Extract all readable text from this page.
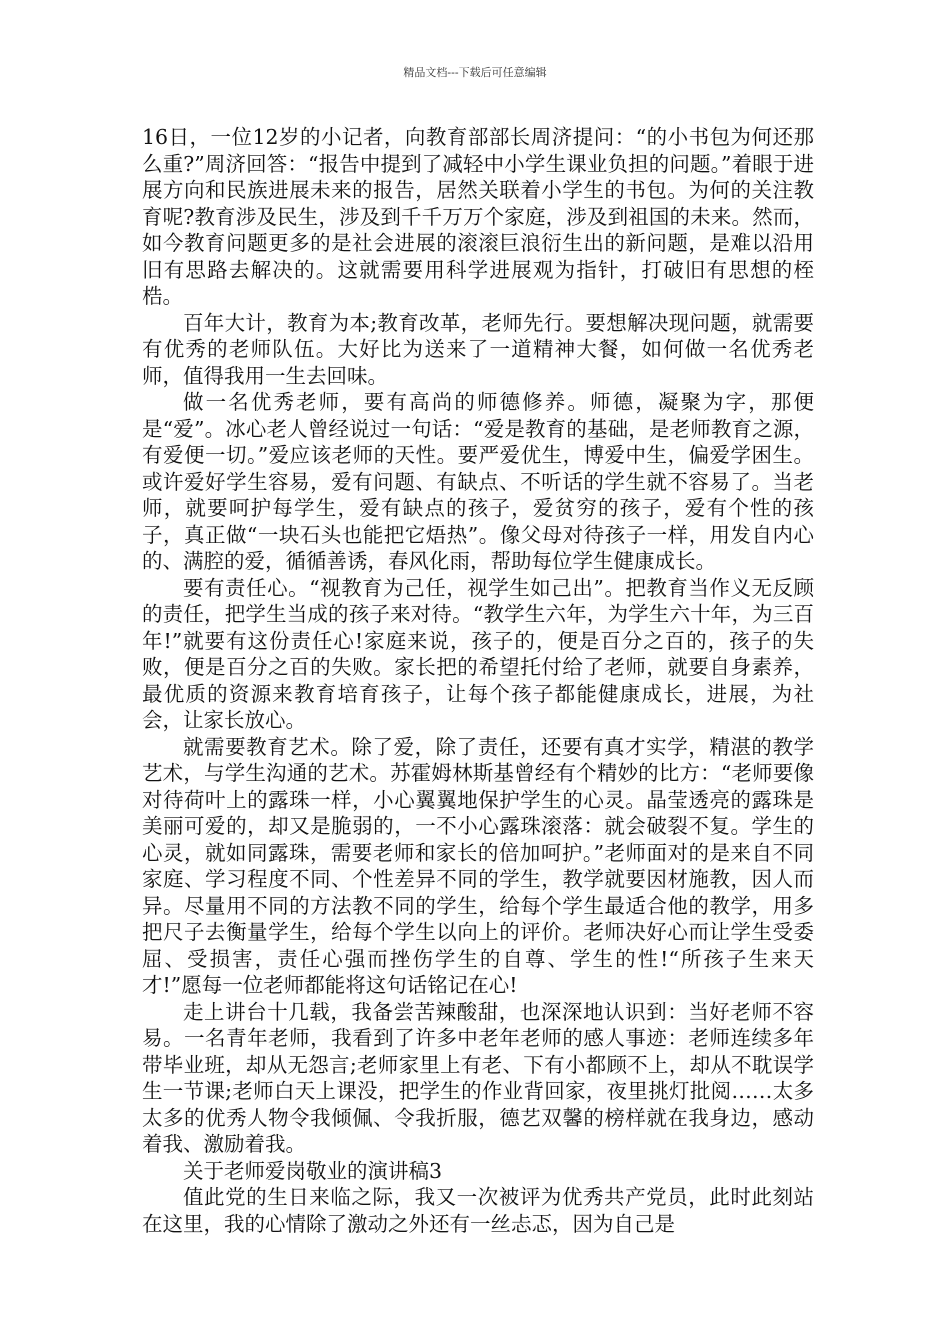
精品文档---下载后可任意编辑

16日，一位12岁的小记者，向教育部部长周济提问：“的小书包为何还那么重?”周济回答：“报告中提到了减轻中小学生课业负担的问题。”着眼于进展方向和民族进展未来的报告，居然关联着小学生的书包。为何的关注教育呢?教育涉及民生，涉及到千千万万个家庭，涉及到祖国的未来。然而，如今教育问题更多的是社会进展的滚滚巨浪衍生出的新问题，是难以沿用旧有思路去解决的。这就需要用科学进展观为指针，打破旧有思想的桎梏。

百年大计，教育为本;教育改革，老师先行。要想解决现问题，就需要有优秀的老师队伍。大好比为送来了一道精神大餐，如何做一名优秀老师，值得我用一生去回味。

做一名优秀老师，要有高尚的师德修养。师德，凝聚为字，那便是“爱”。冰心老人曾经说过一句话：“爱是教育的基础，是老师教育之源，有爱便一切。”爱应该老师的天性。要严爱优生，博爱中生，偏爱学困生。或许爱好学生容易，爱有问题、有缺点、不听话的学生就不容易了。当老师，就要呵护每学生，爱有缺点的孩子，爱贫穷的孩子，爱有个性的孩子，真正做“一块石头也能把它焐热”。像父母对待孩子一样，用发自内心的、满腔的爱，循循善诱，春风化雨，帮助每位学生健康成长。

要有责任心。“视教育为己任，视学生如己出”。把教育当作义无反顾的责任，把学生当成的孩子来对待。“教学生六年，为学生六十年，为三百年!”就要有这份责任心!家庭来说，孩子的，便是百分之百的，孩子的失败，便是百分之百的失败。家长把的希望托付给了老师，就要自身素养，最优质的资源来教育培育孩子，让每个孩子都能健康成长，进展，为社会，让家长放心。

就需要教育艺术。除了爱，除了责任，还要有真才实学，精湛的教学艺术，与学生沟通的艺术。苏霍姆林斯基曾经有个精妙的比方：“老师要像对待荷叶上的露珠一样，小心翼翼地保护学生的心灵。晶莹透亮的露珠是美丽可爱的，却又是脆弱的，一不小心露珠滚落：就会破裂不复。学生的心灵，就如同露珠，需要老师和家长的倍加呵护。”老师面对的是来自不同家庭、学习程度不同、个性差异不同的学生，教学就要因材施教，因人而异。尽量用不同的方法教不同的学生，给每个学生最适合他的教学，用多把尺子去衡量学生，给每个学生以向上的评价。老师决好心而让学生受委屈、受损害，责任心强而挫伤学生的自尊、学生的性!“所孩子生来天才!”愿每一位老师都能将这句话铭记在心!

走上讲台十几载，我备尝苦辣酸甜，也深深地认识到：当好老师不容易。一名青年老师，我看到了许多中老年老师的感人事迹：老师连续多年带毕业班，却从无怨言;老师家里上有老、下有小都顾不上，却从不耽误学生一节课;老师白天上课没，把学生的作业背回家，夜里挑灯批阅……太多太多的优秀人物令我倾佩、令我折服，德艺双馨的榜样就在我身边，感动着我、激励着我。

关于老师爱岗敬业的演讲稿3

值此党的生日来临之际，我又一次被评为优秀共产党员，此时此刻站在这里，我的心情除了激动之外还有一丝忐忑，因为自己是
